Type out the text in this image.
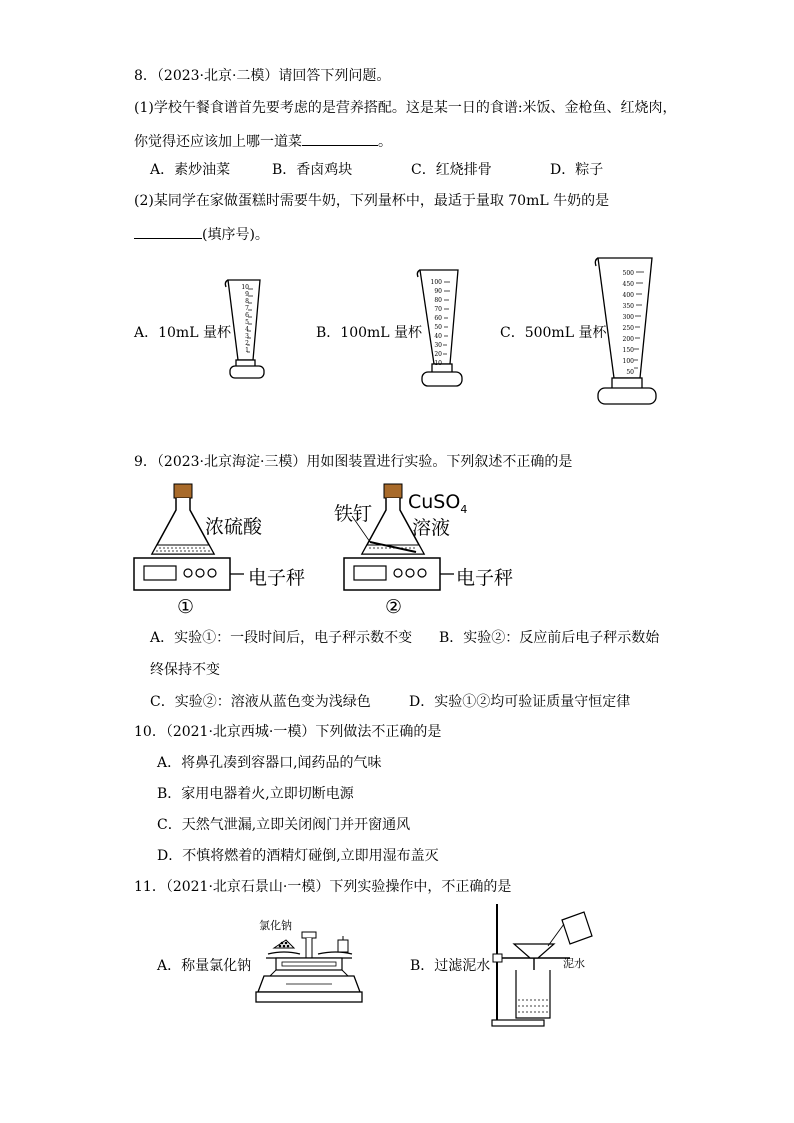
8．（2023·北京·二模）请回答下列问题。
(1)学校午餐食谱首先要考虑的是营养搭配。这是某一日的食谱:米饭、金枪鱼、红烧肉，
你觉得还应该加上哪一道菜	。
A．素炒油菜	B．香卤鸡块	C．红烧排骨	D．粽子
(2)某同学在家做蛋糕时需要牛奶，下列量杯中，最适于量取 70mL 牛奶的是
(填序号)。
A．10mL 量杯	B．100mL 量杯	C．500mL 量杯
10
9
8
7
6
5
4
3
2
1
100
90
80
70
60
50
40
30
20
10
500
450
400
350
300
250
200
150
100
50
9．（2023·北京海淀·三模）用如图装置进行实验。下列叙述不正确的是
浓硫酸
电子秤
①
铁钉
CuSO$_4$
溶液
电子秤
②
A．实验①：一段时间后，电子秤示数不变 B．实验②：反应前后电子秤示数始
终保持不变
C．实验②：溶液从蓝色变为浅绿色	D．实验①②均可验证质量守恒定律
10．（2021·北京西城·一模）下列做法不正确的是
A．将鼻孔凑到容器口,闻药品的气味
B．家用电器着火,立即切断电源
C．天然气泄漏,立即关闭阀门并开窗通风
D．不慎将燃着的酒精灯碰倒,立即用湿布盖灭
11．（2021·北京石景山·一模）下列实验操作中，不正确的是
A．称量氯化钠	B．过滤泥水
氯化钠
泥水
